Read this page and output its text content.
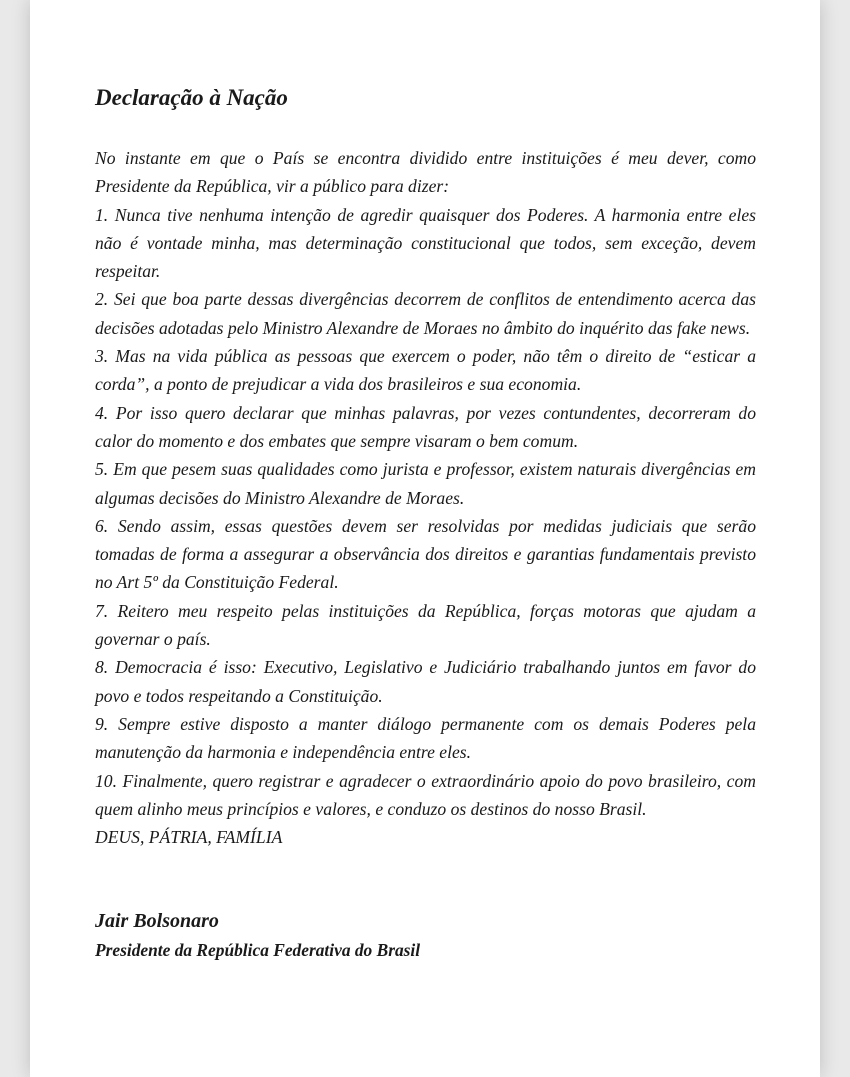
Declaração à Nação

No instante em que o País se encontra dividido entre instituições é meu dever, como Presidente da República, vir a público para dizer:

1. Nunca tive nenhuma intenção de agredir quaisquer dos Poderes. A harmonia entre eles não é vontade minha, mas determinação constitucional que todos, sem exceção, devem respeitar.

2. Sei que boa parte dessas divergências decorrem de conflitos de entendimento acerca das decisões adotadas pelo Ministro Alexandre de Moraes no âmbito do inquérito das fake news.

3. Mas na vida pública as pessoas que exercem o poder, não têm o direito de “esticar a corda”, a ponto de prejudicar a vida dos brasileiros e sua economia.

4. Por isso quero declarar que minhas palavras, por vezes contundentes, decorreram do calor do momento e dos embates que sempre visaram o bem comum.

5. Em que pesem suas qualidades como jurista e professor, existem naturais divergências em algumas decisões do Ministro Alexandre de Moraes.

6. Sendo assim, essas questões devem ser resolvidas por medidas judiciais que serão tomadas de forma a assegurar a observância dos direitos e garantias fundamentais previsto no Art 5º da Constituição Federal.

7. Reitero meu respeito pelas instituições da República, forças motoras que ajudam a governar o país.

8. Democracia é isso: Executivo, Legislativo e Judiciário trabalhando juntos em favor do povo e todos respeitando a Constituição.

9. Sempre estive disposto a manter diálogo permanente com os demais Poderes pela manutenção da harmonia e independência entre eles.

10. Finalmente, quero registrar e agradecer o extraordinário apoio do povo brasileiro, com quem alinho meus princípios e valores, e conduzo os destinos do nosso Brasil.

DEUS, PÁTRIA, FAMÍLIA

Jair Bolsonaro
Presidente da República Federativa do Brasil
